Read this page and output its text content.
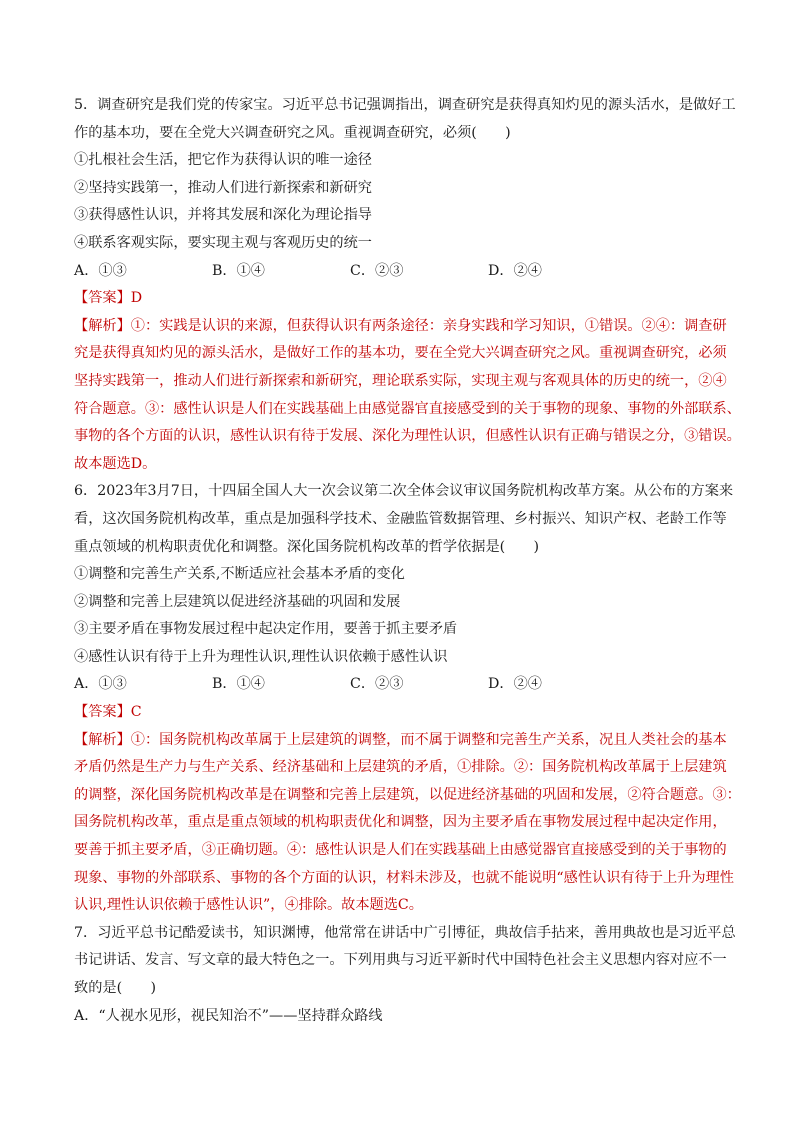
5．调查研究是我们党的传家宝。习近平总书记强调指出，调查研究是获得真知灼见的源头活水，是做好工
作的基本功，要在全党大兴调查研究之风。重视调查研究，必须(　　)
①扎根社会生活，把它作为获得认识的唯一途径
②坚持实践第一，推动人们进行新探索和新研究
③获得感性认识，并将其发展和深化为理论指导
④联系客观实际，要实现主观与客观历史的统一
A．①③	B．①④	C．②③	D．②④
【答案】D
【解析】①：实践是认识的来源，但获得认识有两条途径：亲身实践和学习知识，①错误。②④：调查研
究是获得真知灼见的源头活水，是做好工作的基本功，要在全党大兴调查研究之风。重视调查研究，必须
坚持实践第一，推动人们进行新探索和新研究，理论联系实际，实现主观与客观具体的历史的统一，②④
符合题意。③：感性认识是人们在实践基础上由感觉器官直接感受到的关于事物的现象、事物的外部联系、
事物的各个方面的认识，感性认识有待于发展、深化为理性认识，但感性认识有正确与错误之分，③错误。
故本题选D。
6．2023年3月7日，十四届全国人大一次会议第二次全体会议审议国务院机构改革方案。从公布的方案来
看，这次国务院机构改革，重点是加强科学技术、金融监管数据管理、乡村振兴、知识产权、老龄工作等
重点领域的机构职责优化和调整。深化国务院机构改革的哲学依据是(　　)
①调整和完善生产关系,不断适应社会基本矛盾的变化
②调整和完善上层建筑以促进经济基础的巩固和发展
③主要矛盾在事物发展过程中起决定作用，要善于抓主要矛盾
④感性认识有待于上升为理性认识,理性认识依赖于感性认识
A．①③	B．①④	C．②③	D．②④
【答案】C
【解析】①：国务院机构改革属于上层建筑的调整，而不属于调整和完善生产关系，况且人类社会的基本
矛盾仍然是生产力与生产关系、经济基础和上层建筑的矛盾，①排除。②：国务院机构改革属于上层建筑
的调整，深化国务院机构改革是在调整和完善上层建筑，以促进经济基础的巩固和发展，②符合题意。③：
国务院机构改革，重点是重点领域的机构职责优化和调整，因为主要矛盾在事物发展过程中起决定作用，
要善于抓主要矛盾，③正确切题。④：感性认识是人们在实践基础上由感觉器官直接感受到的关于事物的
现象、事物的外部联系、事物的各个方面的认识，材料未涉及，也就不能说明“感性认识有待于上升为理性
认识,理性认识依赖于感性认识”，④排除。故本题选C。
7．习近平总书记酷爱读书，知识渊博，他常常在讲话中广引博征，典故信手拈来，善用典故也是习近平总
书记讲话、发言、写文章的最大特色之一。下列用典与习近平新时代中国特色社会主义思想内容对应不一
致的是(　　)
A．“人视水见形，视民知治不”——坚持群众路线
